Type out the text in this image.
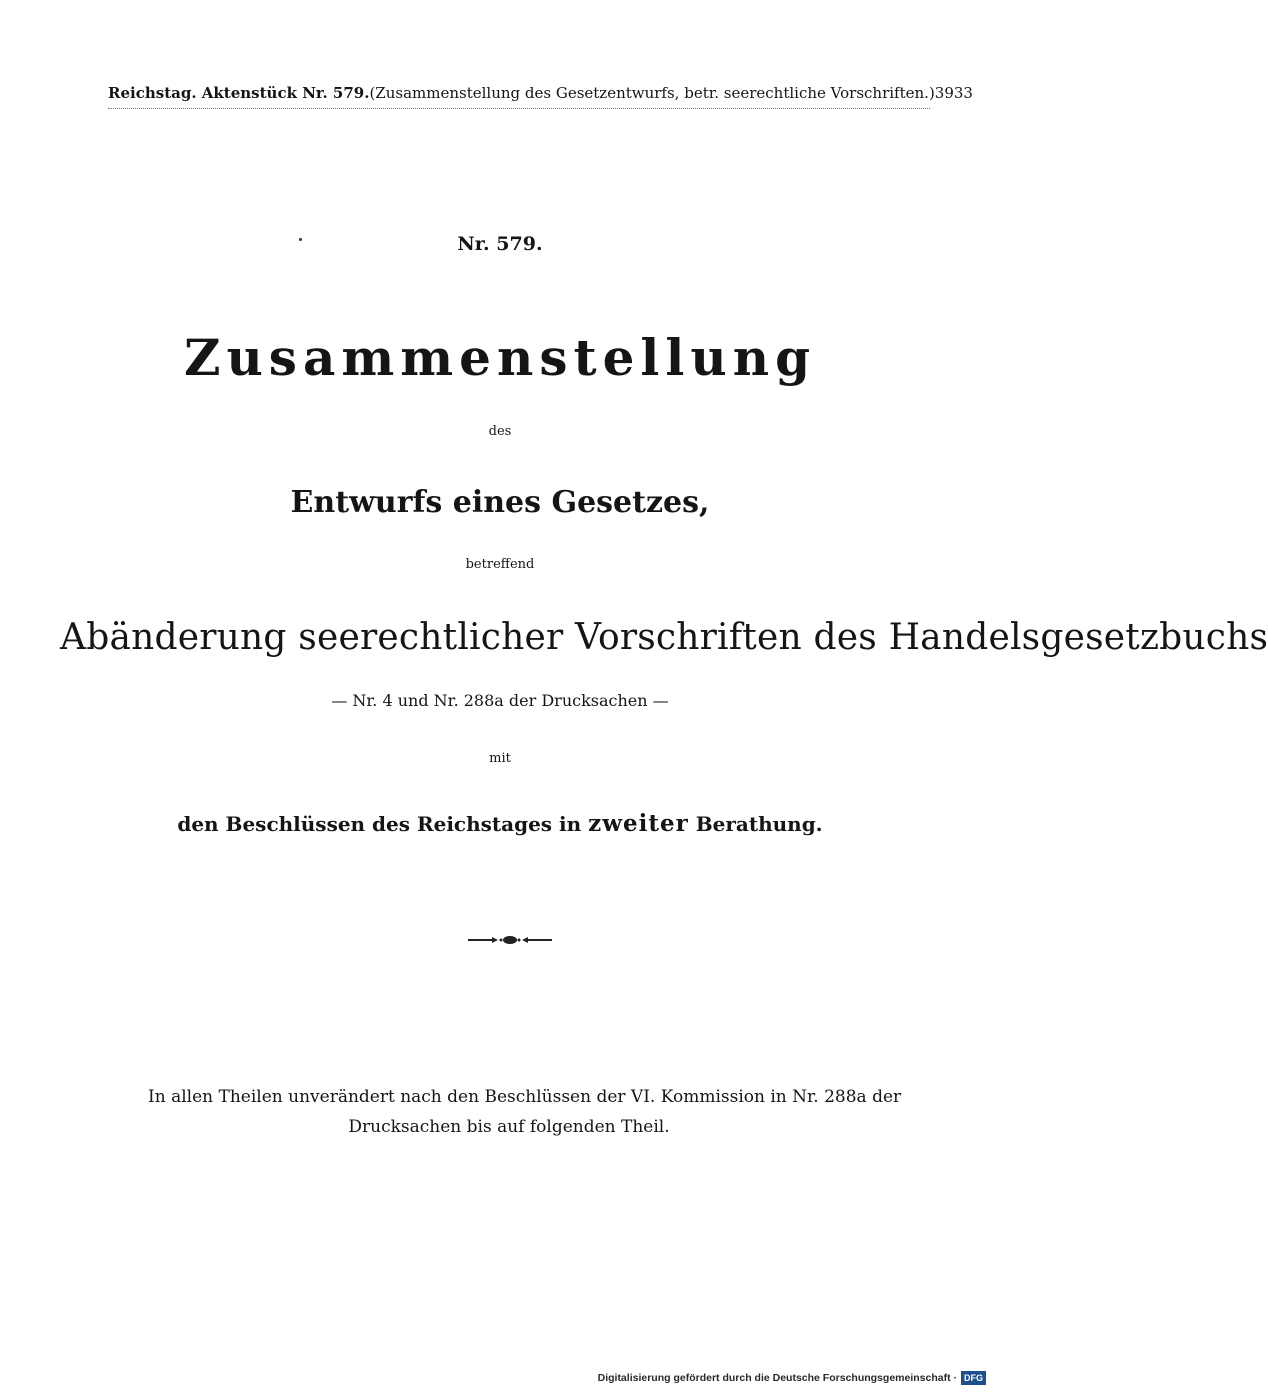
Reichstag. Aktenstück Nr. 579. (Zusammenstellung des Gesetzentwurfs, betr. seerechtliche Vorschriften.) 3933
Nr. 579.
Zusammenstellung
des
Entwurfs eines Gesetzes,
betreffend
Abänderung seerechtlicher Vorschriften des Handelsgesetzbuchs
— Nr. 4 und Nr. 288a der Drucksachen —
mit
den Beschlüssen des Reichstages in zweiter Berathung.
In allen Theilen unverändert nach den Beschlüssen der VI. Kommission in Nr. 288a der
Drucksachen bis auf folgenden Theil.
Digitalisierung gefördert durch die Deutsche Forschungsgemeinschaft · DFG
